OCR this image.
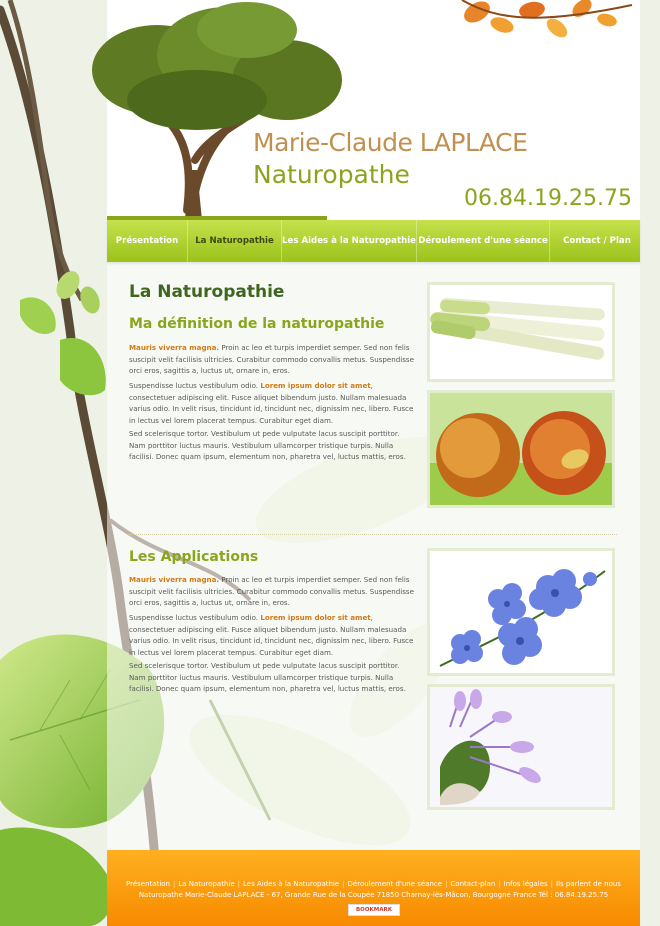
Marie-Claude LAPLACE
Naturopathe
06.84.19.25.75
Présentation	La Naturopathie Les Aides à la Naturopathie Déroulement d'une séance	Contact / Plan
La Naturopathie
Ma définition de la naturopathie
Mauris viverra magna. Proin ac leo et turpis imperdiet semper. Sed non felis suscipit velit facilisis ultricies. Curabitur commodo convallis metus. Suspendisse orci eros, sagittis a, luctus ut, ornare in, eros.
Suspendisse luctus vestibulum odio. Lorem ipsum dolor sit amet, consectetuer adipiscing elit. Fusce aliquet bibendum justo. Nullam malesuada varius odio. In velit risus, tincidunt id, tincidunt nec, dignissim nec, libero. Fusce in lectus vel lorem placerat tempus. Curabitur eget diam.
Sed scelerisque tortor. Vestibulum ut pede vulputate lacus suscipit porttitor. Nam porttitor luctus mauris. Vestibulum ullamcorper tristique turpis. Nulla facilisi. Donec quam ipsum, elementum non, pharetra vel, luctus mattis, eros.
Les Applications
Mauris viverra magna. Proin ac leo et turpis imperdiet semper. Sed non felis suscipit velit facilisis ultricies. Curabitur commodo convallis metus. Suspendisse orci eros, sagittis a, luctus ut, ornare in, eros.
Suspendisse luctus vestibulum odio. Lorem ipsum dolor sit amet, consectetuer adipiscing elit. Fusce aliquet bibendum justo. Nullam malesuada varius odio. In velit risus, tincidunt id, tincidunt nec, dignissim nec, libero. Fusce in lectus vel lorem placerat tempus. Curabitur eget diam.
Sed scelerisque tortor. Vestibulum ut pede vulputate lacus suscipit porttitor. Nam porttitor luctus mauris. Vestibulum ullamcorper tristique turpis. Nulla facilisi. Donec quam ipsum, elementum non, pharetra vel, luctus mattis, eros.
Présentation | La Naturopathie | Les Aides à la Naturopathie | Déroulement d'une séance | Contact-plan | Infos légales | Ils parlent de nous
Naturopathe Marie-Claude LAPLACE - 67, Grande Rue de la Coupée 71850 Charnay-lès-Mâcon, Bourgogne France Tél : 06.84.19.25.75
BOOKMARK
